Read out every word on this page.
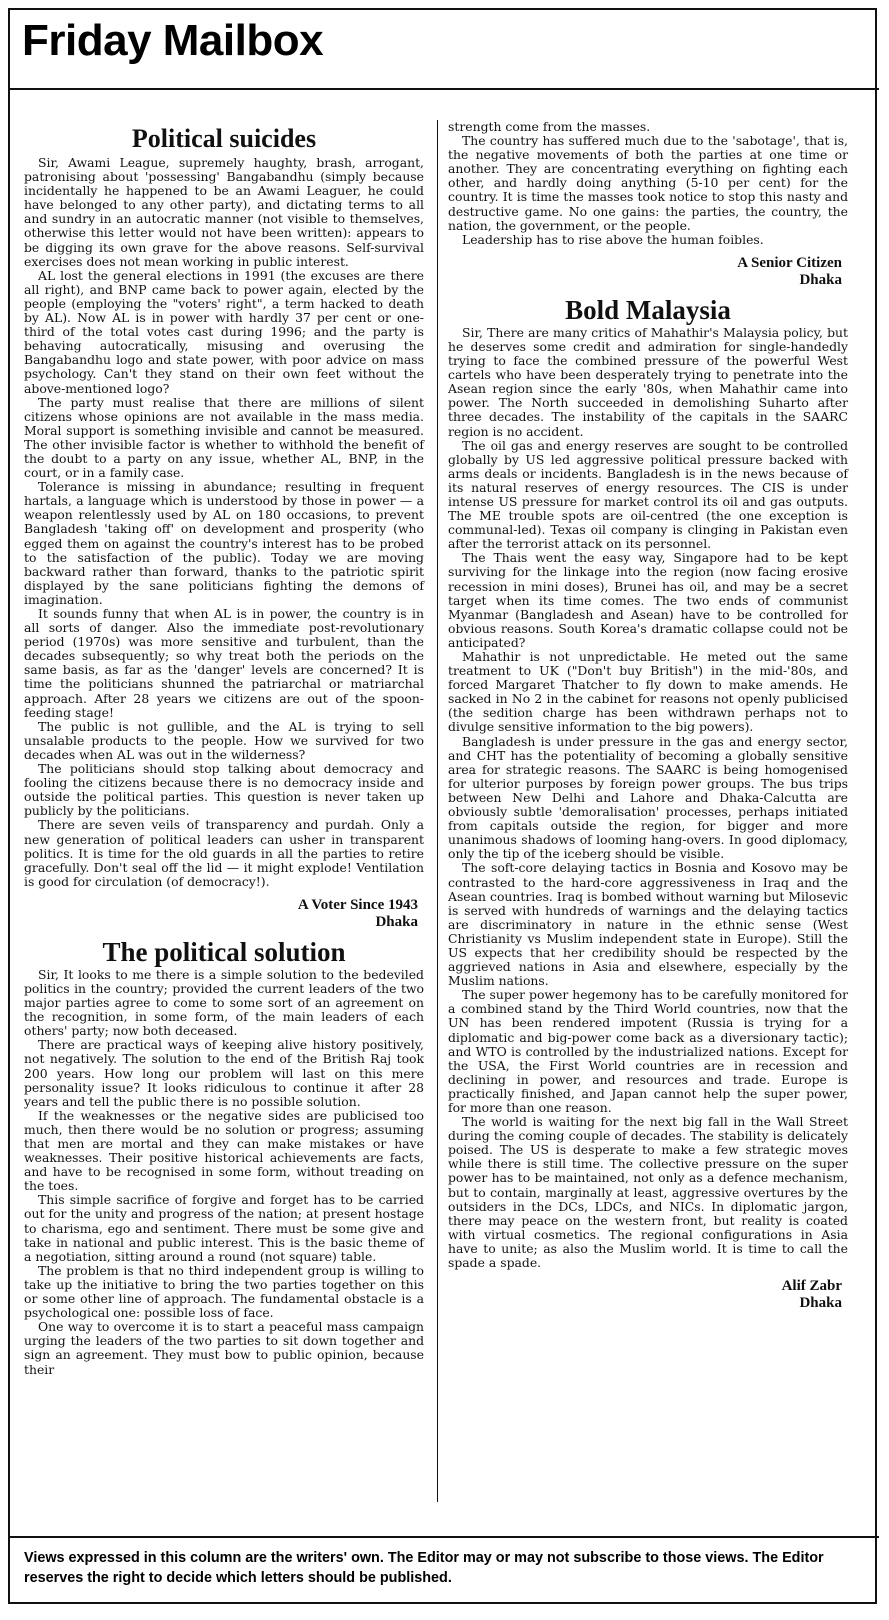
Friday Mailbox
Political suicides

Sir, Awami League, supremely haughty, brash, arrogant, patronising about 'possessing' Bangabandhu (simply because incidentally he happened to be an Awami Leaguer, he could have belonged to any other party), and dictating terms to all and sundry in an autocratic manner (not visible to themselves, otherwise this letter would not have been written): appears to be digging its own grave for the above reasons. Self-survival exercises does not mean working in public interest.

AL lost the general elections in 1991 (the excuses are there all right), and BNP came back to power again, elected by the people (employing the "voters' right", a term hacked to death by AL). Now AL is in power with hardly 37 per cent or one-third of the total votes cast during 1996; and the party is behaving autocratically, misusing and overusing the Bangabandhu logo and state power, with poor advice on mass psychology. Can't they stand on their own feet without the above-mentioned logo?

The party must realise that there are millions of silent citizens whose opinions are not available in the mass media. Moral support is something invisible and cannot be measured. The other invisible factor is whether to withhold the benefit of the doubt to a party on any issue, whether AL, BNP, in the court, or in a family case.

Tolerance is missing in abundance; resulting in frequent hartals, a language which is understood by those in power — a weapon relentlessly used by AL on 180 occasions, to prevent Bangladesh 'taking off' on development and prosperity (who egged them on against the country's interest has to be probed to the satisfaction of the public). Today we are moving backward rather than forward, thanks to the patriotic spirit displayed by the sane politicians fighting the demons of imagination.

It sounds funny that when AL is in power, the country is in all sorts of danger. Also the immediate post-revolutionary period (1970s) was more sensitive and turbulent, than the decades subsequently; so why treat both the periods on the same basis, as far as the 'danger' levels are concerned? It is time the politicians shunned the patriarchal or matriarchal approach. After 28 years we citizens are out of the spoon-feeding stage!

The public is not gullible, and the AL is trying to sell unsalable products to the people. How we survived for two decades when AL was out in the wilderness?

The politicians should stop talking about democracy and fooling the citizens because there is no democracy inside and outside the political parties. This question is never taken up publicly by the politicians.

There are seven veils of transparency and purdah. Only a new generation of political leaders can usher in transparent politics. It is time for the old guards in all the parties to retire gracefully. Don't seal off the lid — it might explode! Ventilation is good for circulation (of democracy!).

A Voter Since 1943
Dhaka
The political solution

Sir, It looks to me there is a simple solution to the bedeviled politics in the country; provided the current leaders of the two major parties agree to come to some sort of an agreement on the recognition, in some form, of the main leaders of each others' party; now both deceased.

There are practical ways of keeping alive history positively, not negatively. The solution to the end of the British Raj took 200 years. How long our problem will last on this mere personality issue? It looks ridiculous to continue it after 28 years and tell the public there is no possible solution.

If the weaknesses or the negative sides are publicised too much, then there would be no solution or progress; assuming that men are mortal and they can make mistakes or have weaknesses. Their positive historical achievements are facts, and have to be recognised in some form, without treading on the toes.

This simple sacrifice of forgive and forget has to be carried out for the unity and progress of the nation; at present hostage to charisma, ego and sentiment. There must be some give and take in national and public interest. This is the basic theme of a negotiation, sitting around a round (not square) table.

The problem is that no third independent group is willing to take up the initiative to bring the two parties together on this or some other line of approach. The fundamental obstacle is a psychological one: possible loss of face.

One way to overcome it is to start a peaceful mass campaign urging the leaders of the two parties to sit down together and sign an agreement. They must bow to public opinion, because their

strength come from the masses.

The country has suffered much due to the 'sabotage', that is, the negative movements of both the parties at one time or another. They are concentrating everything on fighting each other, and hardly doing anything (5-10 per cent) for the country. It is time the masses took notice to stop this nasty and destructive game. No one gains: the parties, the country, the nation, the government, or the people.

Leadership has to rise above the human foibles.

A Senior Citizen
Dhaka
Bold Malaysia

Sir, There are many critics of Mahathir's Malaysia policy, but he deserves some credit and admiration for single-handedly trying to face the combined pressure of the powerful West cartels who have been desperately trying to penetrate into the Asean region since the early '80s, when Mahathir came into power. The North succeeded in demolishing Suharto after three decades. The instability of the capitals in the SAARC region is no accident.

The oil gas and energy reserves are sought to be controlled globally by US led aggressive political pressure backed with arms deals or incidents. Bangladesh is in the news because of its natural reserves of energy resources. The CIS is under intense US pressure for market control its oil and gas outputs. The ME trouble spots are oil-centred (the one exception is communal-led). Texas oil company is clinging in Pakistan even after the terrorist attack on its personnel.

The Thais went the easy way, Singapore had to be kept surviving for the linkage into the region (now facing erosive recession in mini doses), Brunei has oil, and may be a secret target when its time comes. The two ends of communist Myanmar (Bangladesh and Asean) have to be controlled for obvious reasons. South Korea's dramatic collapse could not be anticipated?

Mahathir is not unpredictable. He meted out the same treatment to UK ("Don't buy British") in the mid-'80s, and forced Margaret Thatcher to fly down to make amends. He sacked in No 2 in the cabinet for reasons not openly publicised (the sedition charge has been withdrawn perhaps not to divulge sensitive information to the big powers).

Bangladesh is under pressure in the gas and energy sector, and CHT has the potentiality of becoming a globally sensitive area for strategic reasons. The SAARC is being homogenised for ulterior purposes by foreign power groups. The bus trips between New Delhi and Lahore and Dhaka-Calcutta are obviously subtle 'demoralisation' processes, perhaps initiated from capitals outside the region, for bigger and more unanimous shadows of looming hang-overs. In good diplomacy, only the tip of the iceberg should be visible.

The soft-core delaying tactics in Bosnia and Kosovo may be contrasted to the hard-core aggressiveness in Iraq and the Asean countries. Iraq is bombed without warning but Milosevic is served with hundreds of warnings and the delaying tactics are discriminatory in nature in the ethnic sense (West Christianity vs Muslim independent state in Europe). Still the US expects that her credibility should be respected by the aggrieved nations in Asia and elsewhere, especially by the Muslim nations.

The super power hegemony has to be carefully monitored for a combined stand by the Third World countries, now that the UN has been rendered impotent (Russia is trying for a diplomatic and big-power come back as a diversionary tactic); and WTO is controlled by the industrialized nations. Except for the USA, the First World countries are in recession and declining in power, and resources and trade. Europe is practically finished, and Japan cannot help the super power, for more than one reason.

The world is waiting for the next big fall in the Wall Street during the coming couple of decades. The stability is delicately poised. The US is desperate to make a few strategic moves while there is still time. The collective pressure on the super power has to be maintained, not only as a defence mechanism, but to contain, marginally at least, aggressive overtures by the outsiders in the DCs, LDCs, and NICs. In diplomatic jargon, there may peace on the western front, but reality is coated with virtual cosmetics. The regional configurations in Asia have to unite; as also the Muslim world. It is time to call the spade a spade.

Alif Zabr
Dhaka
Views expressed in this column are the writers' own. The Editor may or may not subscribe to those views. The Editor reserves the right to decide which letters should be published.
